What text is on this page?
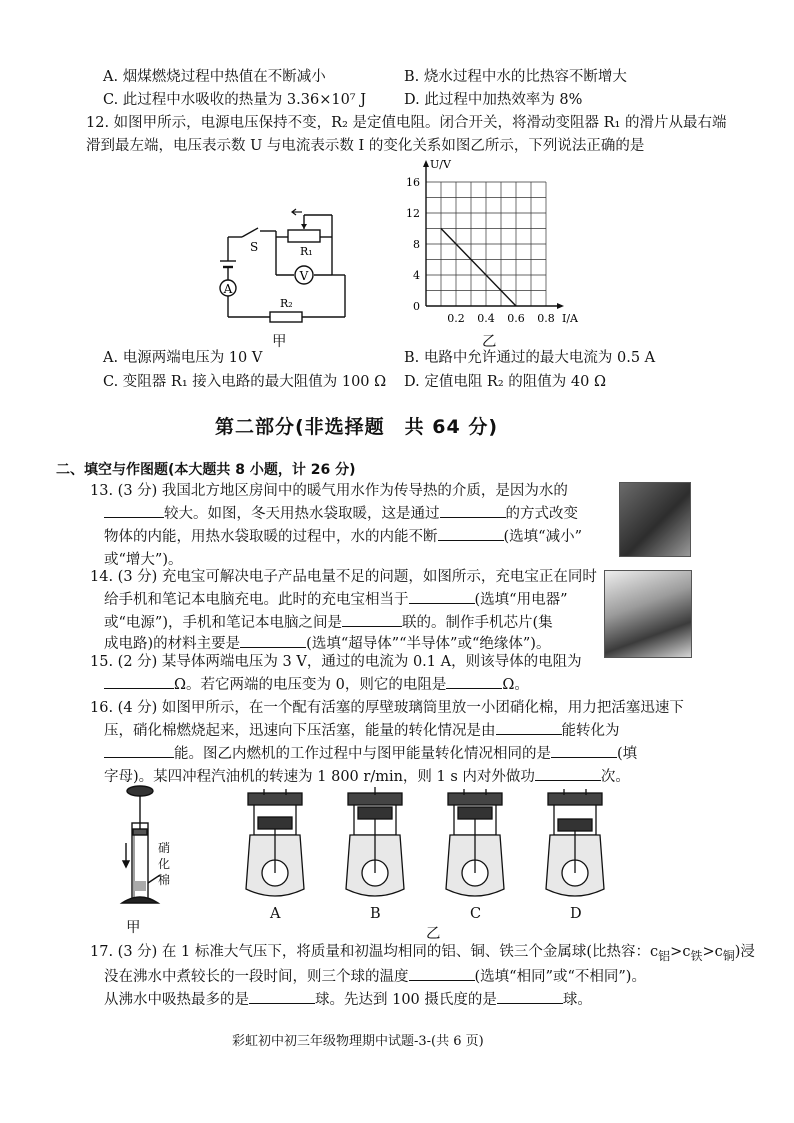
A. 烟煤燃烧过程中热值在不断减小	B. 烧水过程中水的比热容不断增大
C. 此过程中水吸收的热量为 3.36×10⁷ J	D. 此过程中加热效率为 8%
12. 如图甲所示，电源电压保持不变，R₂ 是定值电阻。闭合开关，将滑动变阻器 R₁ 的滑片从最右端
滑到最左端，电压表示数 U 与电流表示数 I 的变化关系如图乙所示，下列说法正确的是
V
A
S	R₁
R₂
甲
0
4
8
12
16
0.2 0.4 0.6 0.8
U/V
I/A
乙
A. 电源两端电压为 10 V	B. 电路中允许通过的最大电流为 0.5 A
C. 变阻器 R₁ 接入电路的最大阻值为 100 Ω D. 定值电阻 R₂ 的阻值为 40 Ω
第二部分(非选择题　共 64 分)
二、填空与作图题(本大题共 8 小题，计 26 分)
13. (3 分) 我国北方地区房间中的暖气用水作为传导热的介质，是因为水的
较大。如图，冬天用热水袋取暖，这是通过	的方式改变
物体的内能，用热水袋取暖的过程中，水的内能不断	(选填“减小”
或“增大”)。
14. (3 分) 充电宝可解决电子产品电量不足的问题，如图所示，充电宝正在同时
给手机和笔记本电脑充电。此时的充电宝相当于	(选填“用电器”
或“电源”)，手机和笔记本电脑之间是	联的。制作手机芯片(集
成电路)的材料主要是	(选填“超导体”“半导体”或“绝缘体”)。
15. (2 分) 某导体两端电压为 3 V，通过的电流为 0.1 A，则该导体的电阻为
Ω。若它两端的电压变为 0，则它的电阻是	Ω。
16. (4 分) 如图甲所示，在一个配有活塞的厚壁玻璃筒里放一小团硝化棉，用力把活塞迅速下
压，硝化棉燃烧起来，迅速向下压活塞，能量的转化情况是由	能转化为
能。图乙内燃机的工作过程中与图甲能量转化情况相同的是	(填
字母)。某四冲程汽油机的转速为 1 800 r/min，则 1 s 内对外做功	次。
硝化棉
甲
A	B	C	D
乙
17. (3 分) 在 1 标准大气压下，将质量和初温均相同的铝、铜、铁三个金属球(比热容：$c_铝>c_铁>c_铜$)浸
没在沸水中煮较长的一段时间，则三个球的温度	(选填“相同”或“不相同”)。
从沸水中吸热最多的是	球。先达到 100 摄氏度的是	球。
彩虹初中初三年级物理期中试题-3-(共 6 页)
